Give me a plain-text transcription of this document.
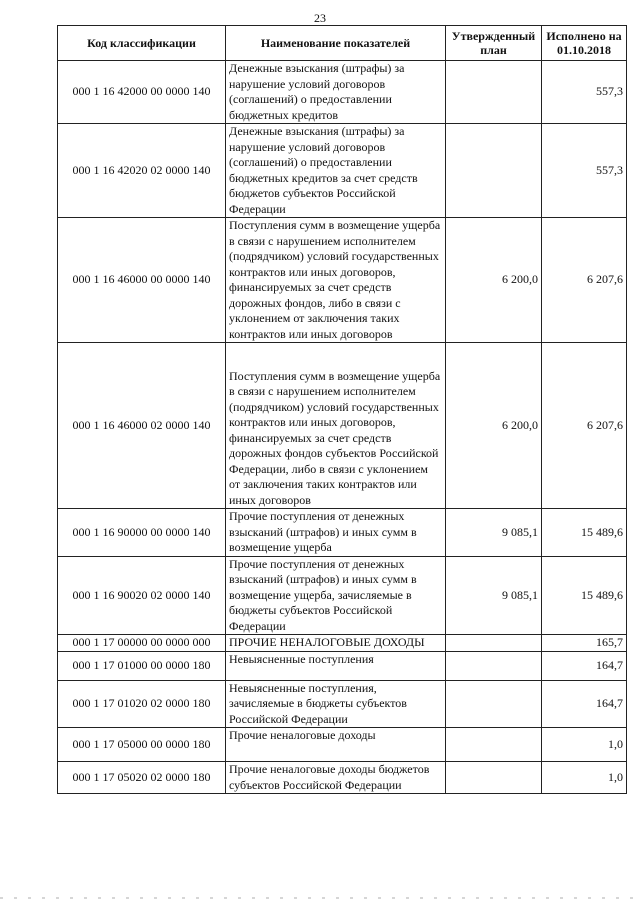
23
Код классификации	Наименование показателей	Утвержденный план	Исполнено на 01.10.2018
000 1 16 42000 00 0000 140	Денежные взыскания (штрафы) за нарушение условий договоров (соглашений) о предоставлении бюджетных кредитов		557,3
000 1 16 42020 02 0000 140	Денежные взыскания (штрафы) за нарушение условий договоров (соглашений) о предоставлении бюджетных кредитов за счет средств бюджетов субъектов Российской Федерации		557,3
000 1 16 46000 00 0000 140	Поступления сумм в возмещение ущерба в связи с нарушением исполнителем (подрядчиком) условий государственных контрактов или иных договоров, финансируемых за счет средств дорожных фондов, либо в связи с уклонением от заключения таких контрактов или иных договоров	6 200,0	6 207,6
000 1 16 46000 02 0000 140	Поступления сумм в возмещение ущерба в связи с нарушением исполнителем (подрядчиком) условий государственных контрактов или иных договоров, финансируемых за счет средств дорожных фондов субъектов Российской Федерации, либо в связи с уклонением от заключения таких контрактов или иных договоров	6 200,0	6 207,6
000 1 16 90000 00 0000 140	Прочие поступления от денежных взысканий (штрафов) и иных сумм в возмещение ущерба	9 085,1	15 489,6
000 1 16 90020 02 0000 140	Прочие поступления от денежных взысканий (штрафов) и иных сумм в возмещение ущерба, зачисляемые в бюджеты субъектов Российской Федерации	9 085,1	15 489,6
000 1 17 00000 00 0000 000	ПРОЧИЕ НЕНАЛОГОВЫЕ ДОХОДЫ		165,7
000 1 17 01000 00 0000 180	Невыясненные поступления		164,7
000 1 17 01020 02 0000 180	Невыясненные поступления, зачисляемые в бюджеты субъектов Российской Федерации		164,7
000 1 17 05000 00 0000 180	Прочие неналоговые доходы		1,0
000 1 17 05020 02 0000 180	Прочие неналоговые доходы бюджетов субъектов Российской Федерации		1,0
